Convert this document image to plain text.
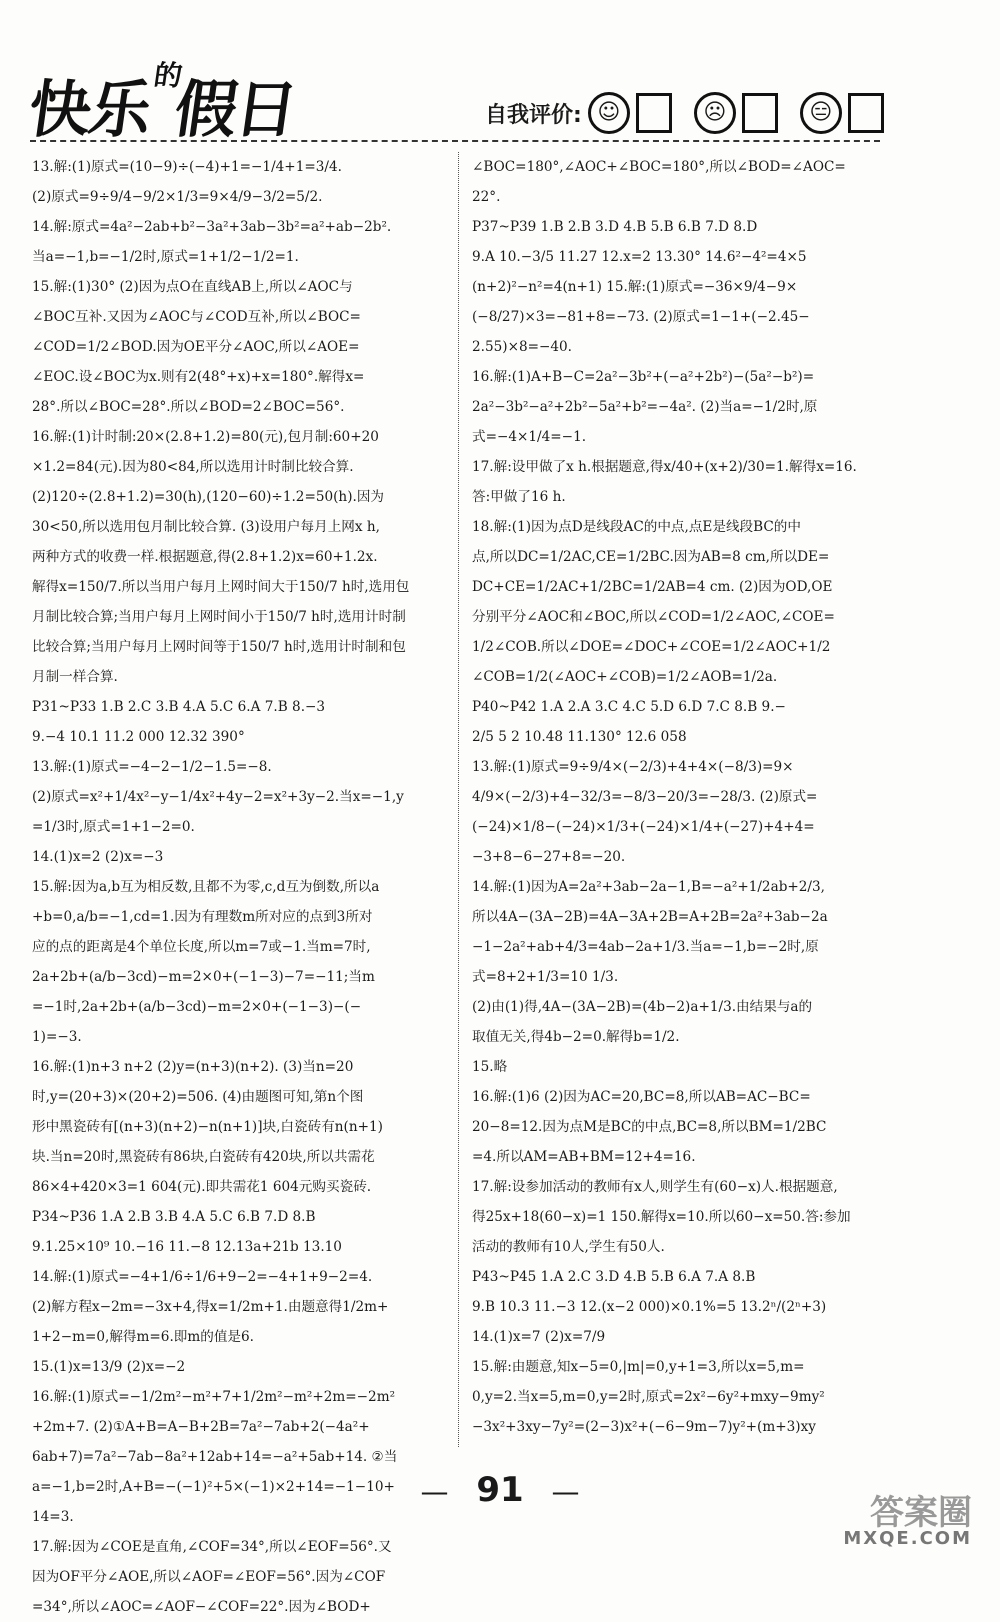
快乐$^的$假日	自我评价: ☺	☹	😑
13.解:(1)原式=(10−9)÷(−4)+1=−1/4+1=3/4.
(2)原式=9÷9/4−9/2×1/3=9×4/9−3/2=5/2.
14.解:原式=4a²−2ab+b²−3a²+3ab−3b²=a²+ab−2b².
当a=−1,b=−1/2时,原式=1+1/2−1/2=1.
15.解:(1)30° (2)因为点O在直线AB上,所以∠AOC与
∠BOC互补.又因为∠AOC与∠COD互补,所以∠BOC=
∠COD=1/2∠BOD.因为OE平分∠AOC,所以∠AOE=
∠EOC.设∠BOC为x.则有2(48°+x)+x=180°.解得x=
28°.所以∠BOC=28°.所以∠BOD=2∠BOC=56°.
16.解:(1)计时制:20×(2.8+1.2)=80(元),包月制:60+20
×1.2=84(元).因为80<84,所以选用计时制比较合算.
(2)120÷(2.8+1.2)=30(h),(120−60)÷1.2=50(h).因为
30<50,所以选用包月制比较合算. (3)设用户每月上网x h,
两种方式的收费一样.根据题意,得(2.8+1.2)x=60+1.2x.
解得x=150/7.所以当用户每月上网时间大于150/7 h时,选用包
月制比较合算;当用户每月上网时间小于150/7 h时,选用计时制
比较合算;当用户每月上网时间等于150/7 h时,选用计时制和包
月制一样合算.
P31~P33 1.B 2.C 3.B 4.A 5.C 6.A 7.B 8.−3
9.−4 10.1 11.2 000 12.32 390°
13.解:(1)原式=−4−2−1/2−1.5=−8.
(2)原式=x²+1/4x²−y−1/4x²+4y−2=x²+3y−2.当x=−1,y
=1/3时,原式=1+1−2=0.
14.(1)x=2 (2)x=−3
15.解:因为a,b互为相反数,且都不为零,c,d互为倒数,所以a
+b=0,a/b=−1,cd=1.因为有理数m所对应的点到3所对
应的点的距离是4个单位长度,所以m=7或−1.当m=7时,
2a+2b+(a/b−3cd)−m=2×0+(−1−3)−7=−11;当m
=−1时,2a+2b+(a/b−3cd)−m=2×0+(−1−3)−(−
1)=−3.
16.解:(1)n+3 n+2 (2)y=(n+3)(n+2). (3)当n=20
时,y=(20+3)×(20+2)=506. (4)由题图可知,第n个图
形中黑瓷砖有[(n+3)(n+2)−n(n+1)]块,白瓷砖有n(n+1)
块.当n=20时,黑瓷砖有86块,白瓷砖有420块,所以共需花
86×4+420×3=1 604(元).即共需花1 604元购买瓷砖.
P34~P36 1.A 2.B 3.B 4.A 5.C 6.B 7.D 8.B
9.1.25×10⁹ 10.−16 11.−8 12.13a+21b 13.10
14.解:(1)原式=−4+1/6÷1/6+9−2=−4+1+9−2=4.
(2)解方程x−2m=−3x+4,得x=1/2m+1.由题意得1/2m+
1+2−m=0,解得m=6.即m的值是6.
15.(1)x=13/9 (2)x=−2
16.解:(1)原式=−1/2m²−m²+7+1/2m²−m²+2m=−2m²
+2m+7. (2)①A+B=A−B+2B=7a²−7ab+2(−4a²+
6ab+7)=7a²−7ab−8a²+12ab+14=−a²+5ab+14. ②当
a=−1,b=2时,A+B=−(−1)²+5×(−1)×2+14=−1−10+
14=3.
17.解:因为∠COE是直角,∠COF=34°,所以∠EOF=56°.又
因为OF平分∠AOE,所以∠AOF=∠EOF=56°.因为∠COF
=34°,所以∠AOC=∠AOF−∠COF=22°.因为∠BOD+
∠BOC=180°,∠AOC+∠BOC=180°,所以∠BOD=∠AOC=
22°.
P37~P39 1.B 2.B 3.D 4.B 5.B 6.B 7.D 8.D
9.A 10.−3/5 11.27 12.x=2 13.30° 14.6²−4²=4×5
(n+2)²−n²=4(n+1) 15.解:(1)原式=−36×9/4−9×
(−8/27)×3=−81+8=−73. (2)原式=1−1+(−2.45−
2.55)×8=−40.
16.解:(1)A+B−C=2a²−3b²+(−a²+2b²)−(5a²−b²)=
2a²−3b²−a²+2b²−5a²+b²=−4a². (2)当a=−1/2时,原
式=−4×1/4=−1.
17.解:设甲做了x h.根据题意,得x/40+(x+2)/30=1.解得x=16.
答:甲做了16 h.
18.解:(1)因为点D是线段AC的中点,点E是线段BC的中
点,所以DC=1/2AC,CE=1/2BC.因为AB=8 cm,所以DE=
DC+CE=1/2AC+1/2BC=1/2AB=4 cm. (2)因为OD,OE
分别平分∠AOC和∠BOC,所以∠COD=1/2∠AOC,∠COE=
1/2∠COB.所以∠DOE=∠DOC+∠COE=1/2∠AOC+1/2
∠COB=1/2(∠AOC+∠COB)=1/2∠AOB=1/2a.
P40~P42 1.A 2.A 3.C 4.C 5.D 6.D 7.C 8.B 9.−
2/5 5 2 10.48 11.130° 12.6 058
13.解:(1)原式=9÷9/4×(−2/3)+4+4×(−8/3)=9×
4/9×(−2/3)+4−32/3=−8/3−20/3=−28/3. (2)原式=
(−24)×1/8−(−24)×1/3+(−24)×1/4+(−27)+4+4=
−3+8−6−27+8=−20.
14.解:(1)因为A=2a²+3ab−2a−1,B=−a²+1/2ab+2/3,
所以4A−(3A−2B)=4A−3A+2B=A+2B=2a²+3ab−2a
−1−2a²+ab+4/3=4ab−2a+1/3.当a=−1,b=−2时,原
式=8+2+1/3=10 1/3.
(2)由(1)得,4A−(3A−2B)=(4b−2)a+1/3.由结果与a的
取值无关,得4b−2=0.解得b=1/2.
15.略
16.解:(1)6 (2)因为AC=20,BC=8,所以AB=AC−BC=
20−8=12.因为点M是BC的中点,BC=8,所以BM=1/2BC
=4.所以AM=AB+BM=12+4=16.
17.解:设参加活动的教师有x人,则学生有(60−x)人.根据题意,
得25x+18(60−x)=1 150.解得x=10.所以60−x=50.答:参加
活动的教师有10人,学生有50人.
P43~P45 1.A 2.C 3.D 4.B 5.B 6.A 7.A 8.B
9.B 10.3 11.−3 12.(x−2 000)×0.1%=5 13.2ⁿ/(2ⁿ+3)
14.(1)x=7 (2)x=7/9
15.解:由题意,知x−5=0,|m|=0,y+1=3,所以x=5,m=
0,y=2.当x=5,m=0,y=2时,原式=2x²−6y²+mxy−9my²
−3x²+3xy−7y²=(2−3)x²+(−6−9m−7)y²+(m+3)xy
— 91 —
答案圈
MXQE.COM
